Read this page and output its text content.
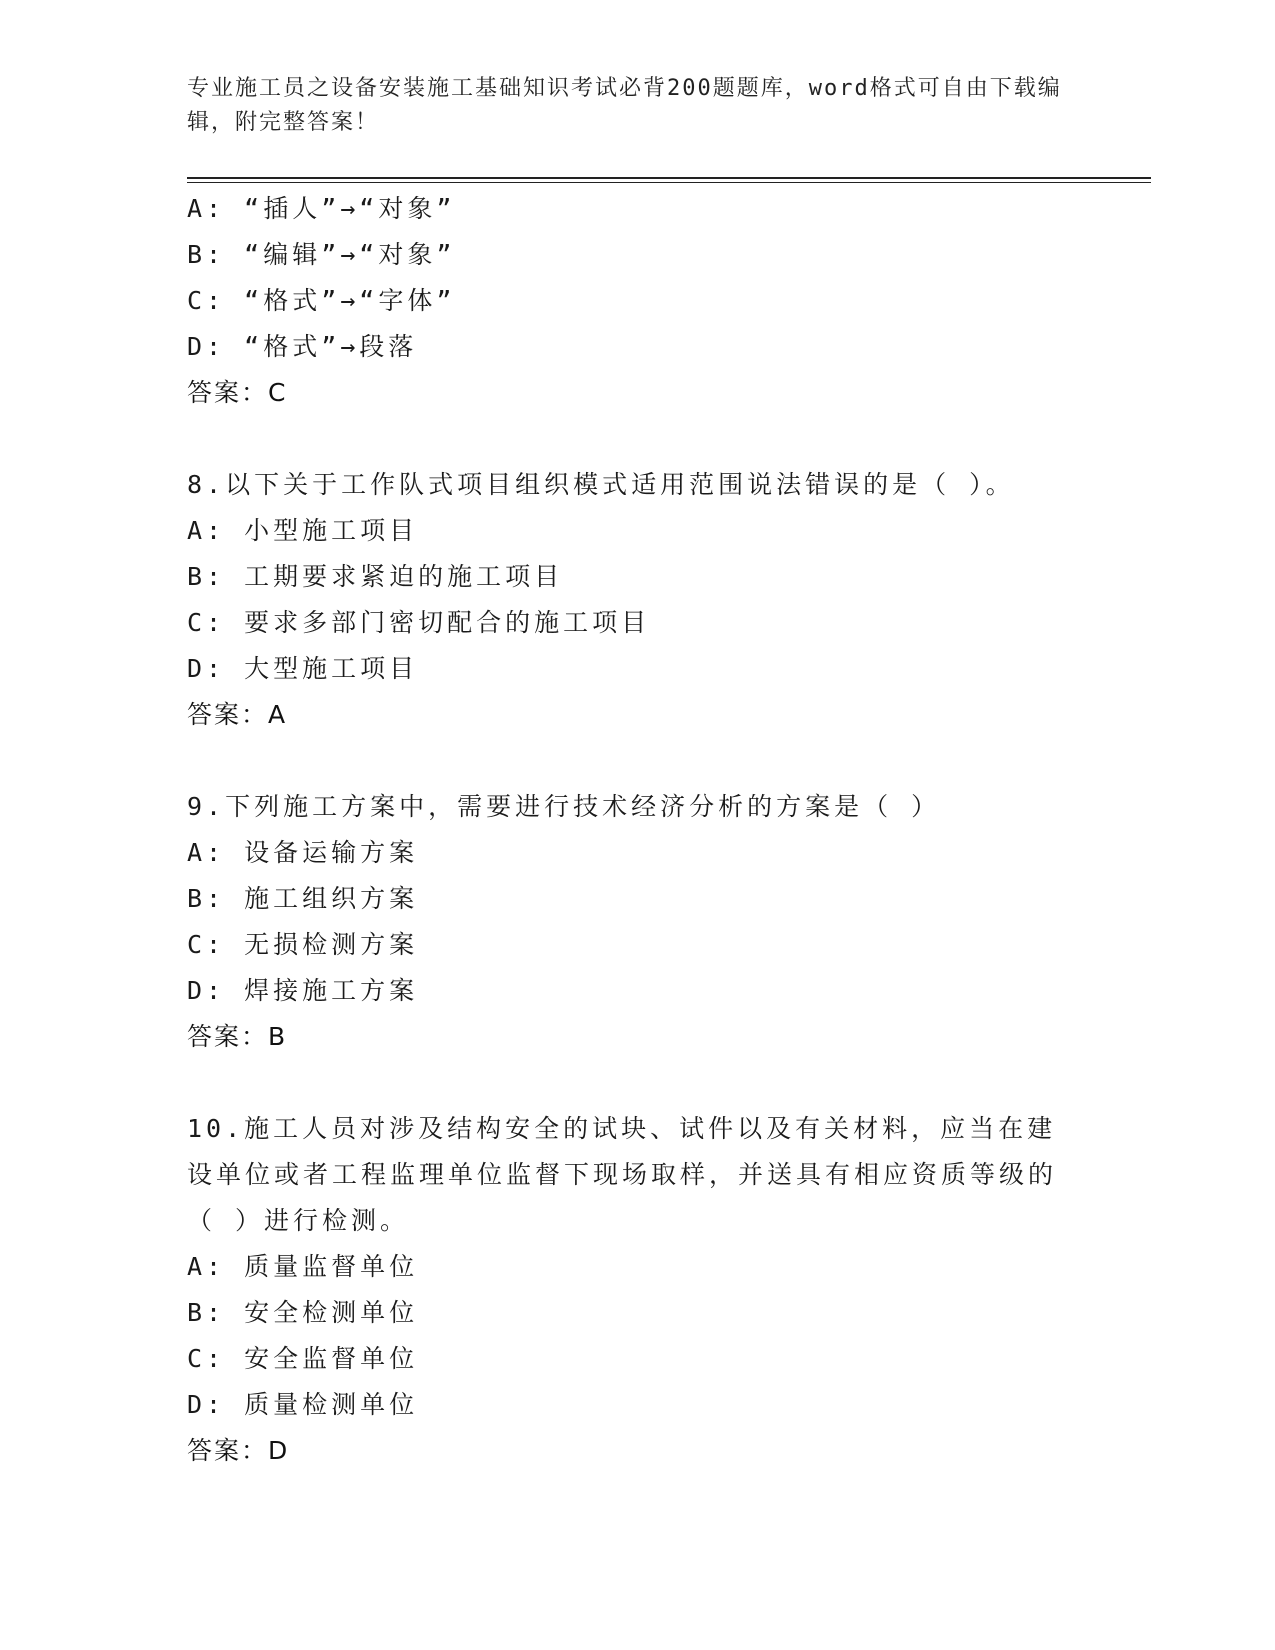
专业施工员之设备安装施工基础知识考试必背200题题库，word格式可自由下载编辑，附完整答案！
A: “插人”→“对象”
B: “编辑”→“对象”
C: “格式”→“字体”
D: “格式”→段落
答案：C
8.以下关于工作队式项目组织模式适用范围说法错误的是（ ）。
A: 小型施工项目
B: 工期要求紧迫的施工项目
C: 要求多部门密切配合的施工项目
D: 大型施工项目
答案：A
9.下列施工方案中，需要进行技术经济分析的方案是（ ）
A: 设备运输方案
B: 施工组织方案
C: 无损检测方案
D: 焊接施工方案
答案：B
10.施工人员对涉及结构安全的试块、试件以及有关材料，应当在建设单位或者工程监理单位监督下现场取样，并送具有相应资质等级的（ ）进行检测。
A: 质量监督单位
B: 安全检测单位
C: 安全监督单位
D: 质量检测单位
答案：D
